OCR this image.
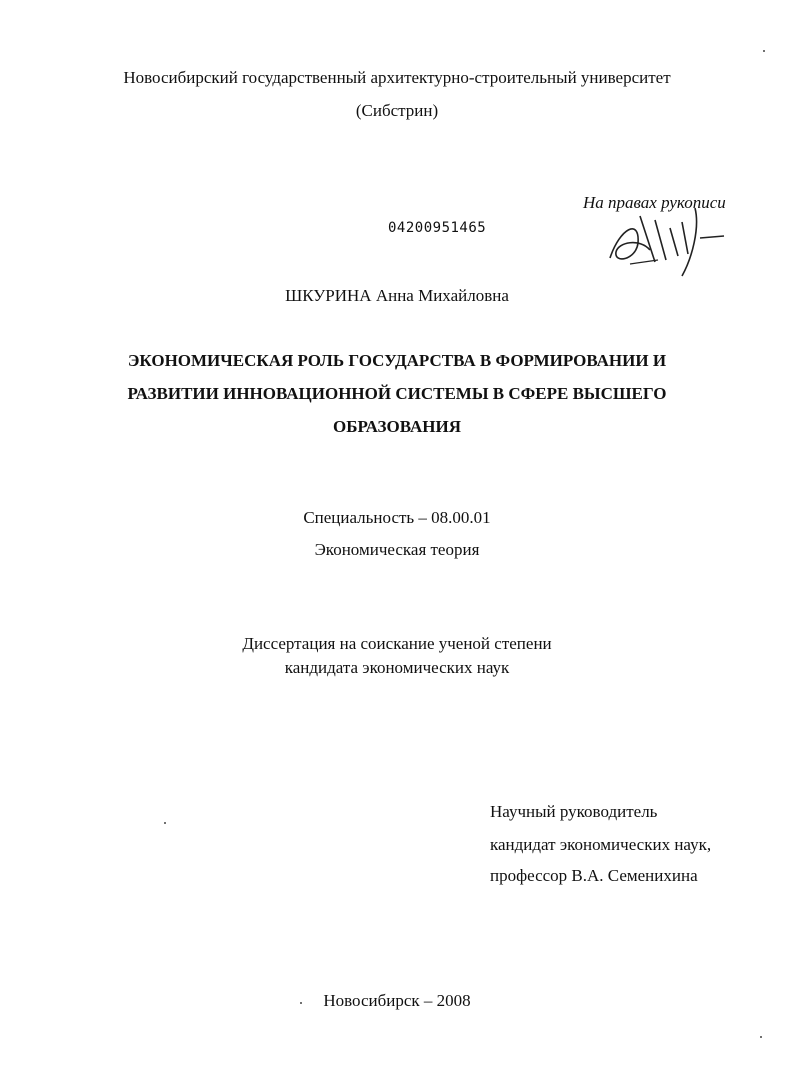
Новосибирский государственный архитектурно-строительный университет
(Сибстрин)
На правах рукописи
04200951465
ШКУРИНА Анна Михайловна
ЭКОНОМИЧЕСКАЯ РОЛЬ ГОСУДАРСТВА В ФОРМИРОВАНИИ И
РАЗВИТИИ ИННОВАЦИОННОЙ СИСТЕМЫ В СФЕРЕ ВЫСШЕГО
ОБРАЗОВАНИЯ
Специальность – 08.00.01
Экономическая теория
Диссертация на соискание ученой степени
кандидата экономических наук
Научный руководитель
кандидат экономических наук,
профессор В.А. Семенихина
Новосибирск – 2008
